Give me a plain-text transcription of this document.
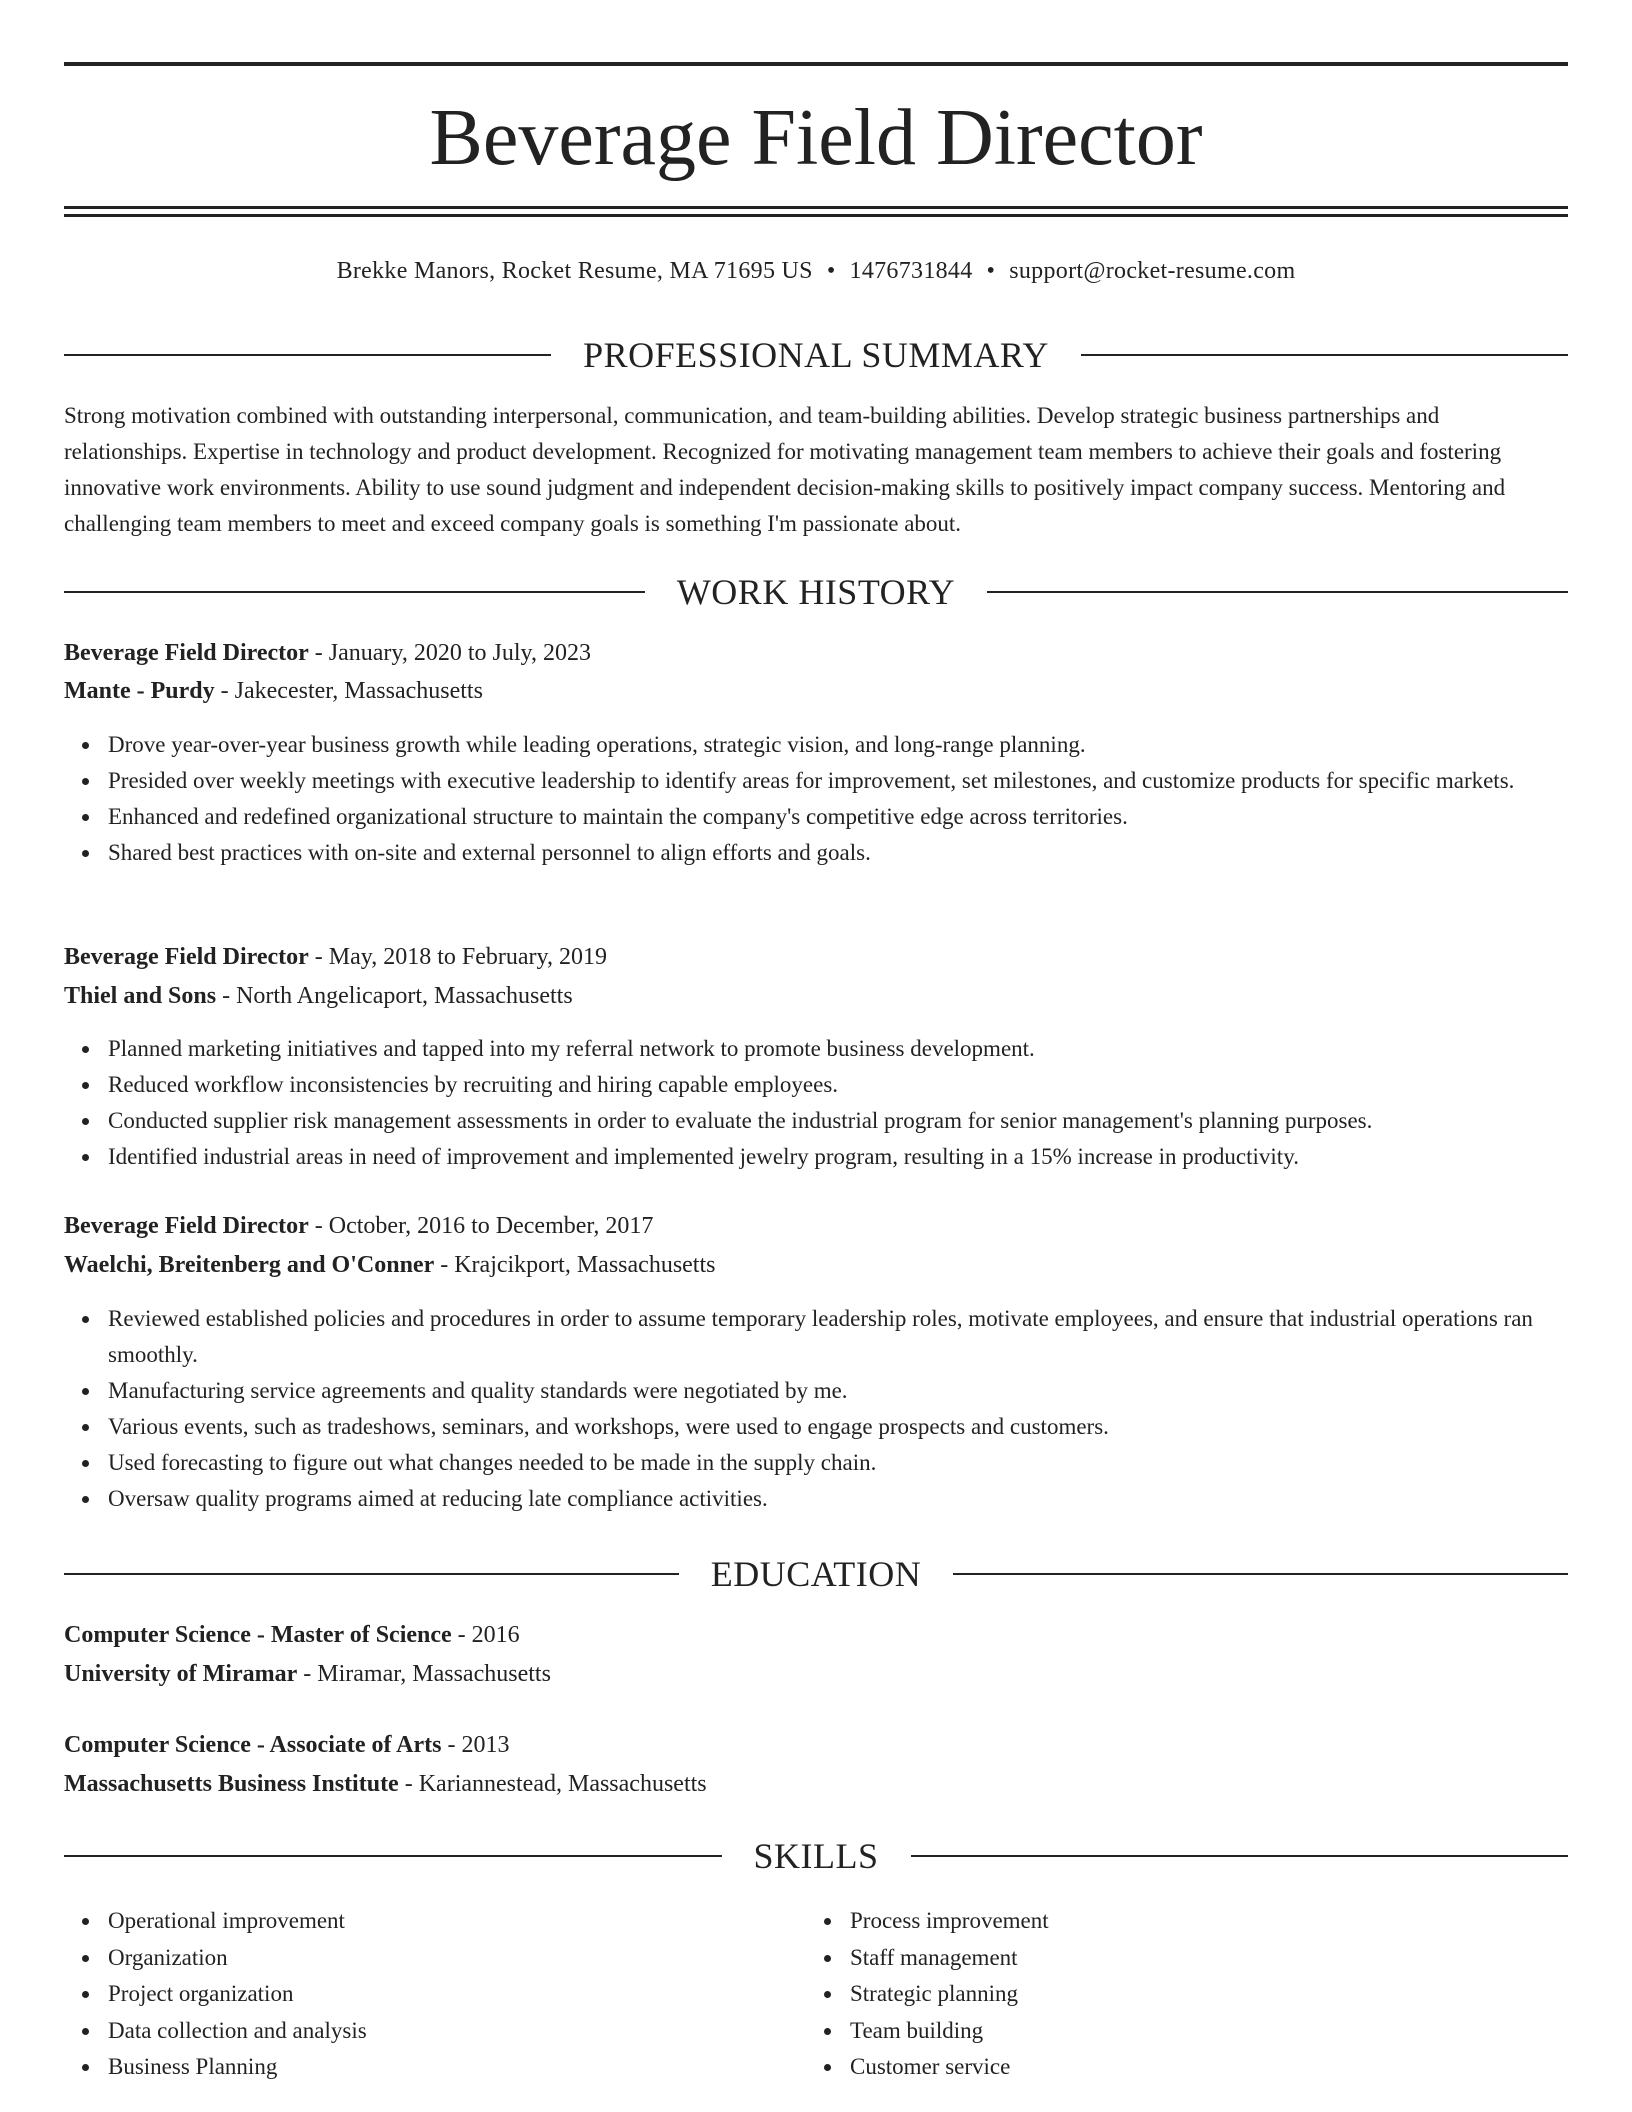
Beverage Field Director
Brekke Manors, Rocket Resume, MA 71695 US • 1476731844 • support@rocket-resume.com
PROFESSIONAL SUMMARY

Strong motivation combined with outstanding interpersonal, communication, and team-building abilities. Develop strategic business partnerships and relationships. Expertise in technology and product development. Recognized for motivating management team members to achieve their goals and fostering innovative work environments. Ability to use sound judgment and independent decision-making skills to positively impact company success. Mentoring and challenging team members to meet and exceed company goals is something I'm passionate about.

WORK HISTORY
Beverage Field Director - January, 2020 to July, 2023
Mante - Purdy - Jakecester, Massachusetts
Drove year-over-year business growth while leading operations, strategic vision, and long-range planning.
Presided over weekly meetings with executive leadership to identify areas for improvement, set milestones, and customize products for specific markets.
Enhanced and redefined organizational structure to maintain the company's competitive edge across territories.
Shared best practices with on-site and external personnel to align efforts and goals.
Beverage Field Director - May, 2018 to February, 2019
Thiel and Sons - North Angelicaport, Massachusetts
Planned marketing initiatives and tapped into my referral network to promote business development.
Reduced workflow inconsistencies by recruiting and hiring capable employees.
Conducted supplier risk management assessments in order to evaluate the industrial program for senior management's planning purposes.
Identified industrial areas in need of improvement and implemented jewelry program, resulting in a 15% increase in productivity.
Beverage Field Director - October, 2016 to December, 2017
Waelchi, Breitenberg and O'Conner - Krajcikport, Massachusetts
Reviewed established policies and procedures in order to assume temporary leadership roles, motivate employees, and ensure that industrial operations ran smoothly.
Manufacturing service agreements and quality standards were negotiated by me.
Various events, such as tradeshows, seminars, and workshops, were used to engage prospects and customers.
Used forecasting to figure out what changes needed to be made in the supply chain.
Oversaw quality programs aimed at reducing late compliance activities.
EDUCATION
Computer Science - Master of Science - 2016
University of Miramar - Miramar, Massachusetts
Computer Science - Associate of Arts - 2013
Massachusetts Business Institute - Kariannestead, Massachusetts
SKILLS
Operational improvement
Organization
Project organization
Data collection and analysis
Business Planning
Process improvement
Staff management
Strategic planning
Team building
Customer service
